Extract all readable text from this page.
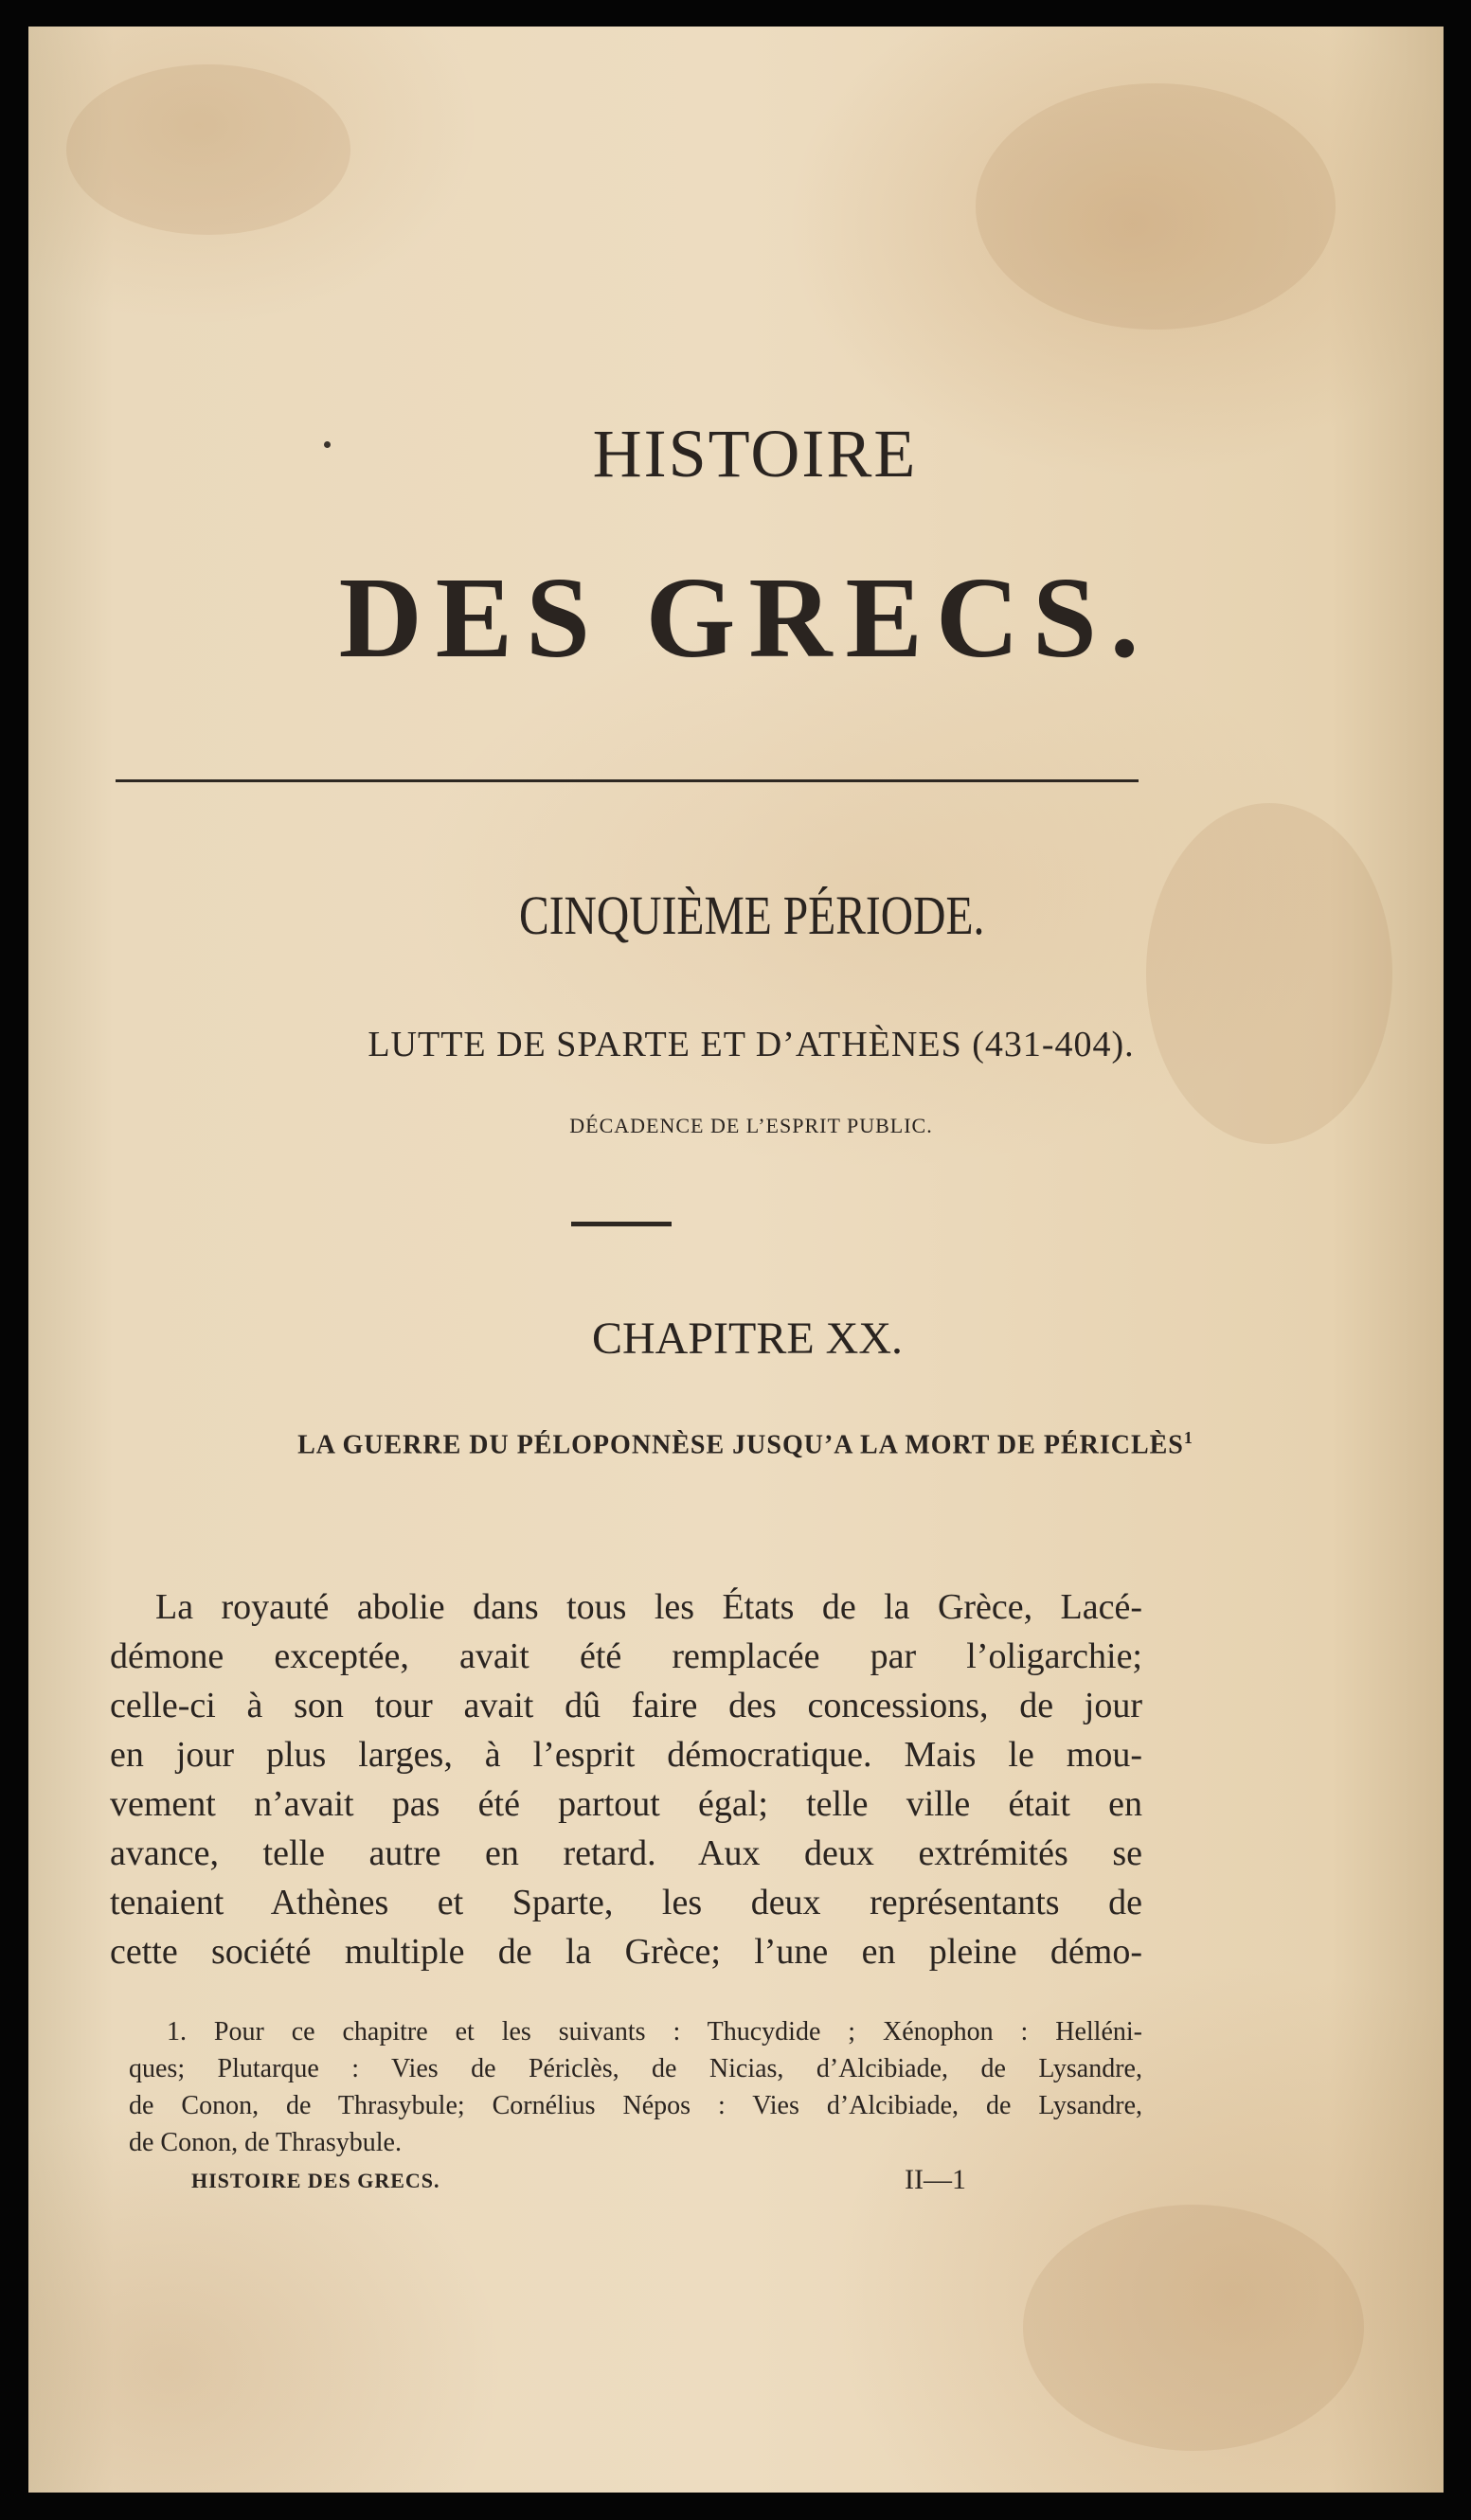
HISTOIRE
DES GRECS.
CINQUIÈME PÉRIODE.
LUTTE DE SPARTE ET D’ATHÈNES (431-404).
DÉCADENCE DE L’ESPRIT PUBLIC.
CHAPITRE XX.
LA GUERRE DU PÉLOPONNÈSE JUSQU’A LA MORT DE PÉRICLÈS$^1$
La royauté abolie dans tous les États de la Grèce, Lacé-
démone exceptée, avait été remplacée par l’oligarchie;
celle-ci à son tour avait dû faire des concessions, de jour
en jour plus larges, à l’esprit démocratique. Mais le mou-
vement n’avait pas été partout égal; telle ville était en
avance, telle autre en retard. Aux deux extrémités se
tenaient Athènes et Sparte, les deux représentants de
cette société multiple de la Grèce; l’une en pleine démo-
1. Pour ce chapitre et les suivants : Thucydide ; Xénophon : Helléni-
ques; Plutarque : Vies de Périclès, de Nicias, d’Alcibiade, de Lysandre,
de Conon, de Thrasybule; Cornélius Népos : Vies d’Alcibiade, de Lysandre,
de Conon, de Thrasybule.
HISTOIRE DES GRECS.	II—1
